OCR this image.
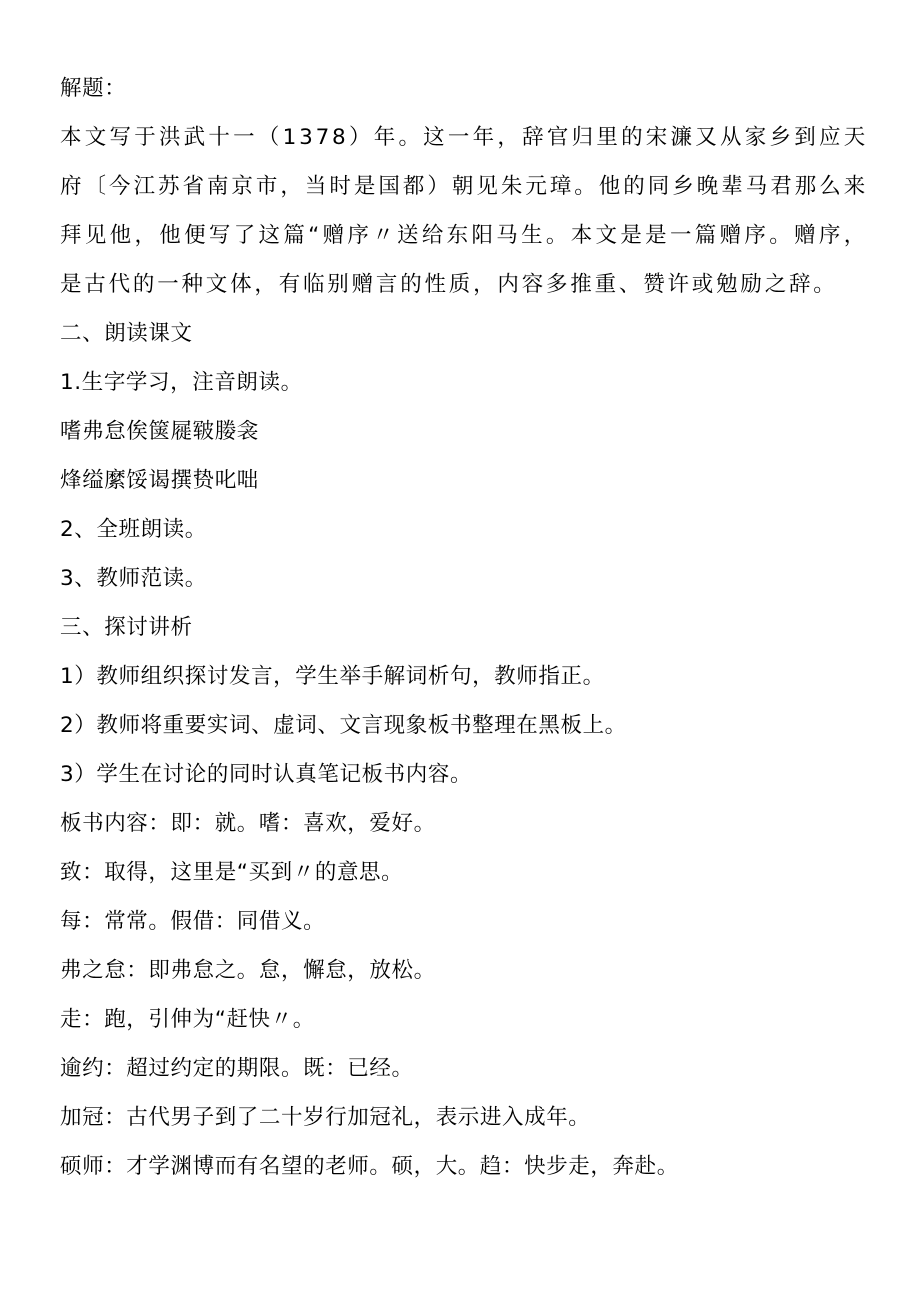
解题：
本文写于洪武十一（1378）年。这一年，辞官归里的宋濂又从家乡到应天府〔今江苏省南京市，当时是国都）朝见朱元璋。他的同乡晚辈马君那么来拜见他，他便写了这篇“赠序〃送给东阳马生。本文是是一篇赠序。赠序，是古代的一种文体，有临别赠言的性质，内容多推重、赞许或勉励之辞。
二、朗读课文
1.生字学习，注音朗读。
嗜弗怠俟箧屣皲媵衾
烽缢縻馁谒撰贽叱咄
2、全班朗读。
3、教师范读。
三、探讨讲析
1）教师组织探讨发言，学生举手解词析句，教师指正。
2）教师将重要实词、虚词、文言现象板书整理在黑板上。
3）学生在讨论的同时认真笔记板书内容。
板书内容：即：就。嗜：喜欢，爱好。
致：取得，这里是“买到〃的意思。
每：常常。假借：同借义。
弗之怠：即弗怠之。怠，懈怠，放松。
走：跑，引伸为“赶快〃。
逾约：超过约定的期限。既：已经。
加冠：古代男子到了二十岁行加冠礼，表示进入成年。
硕师：才学渊博而有名望的老师。硕，大。趋：快步走，奔赴。
